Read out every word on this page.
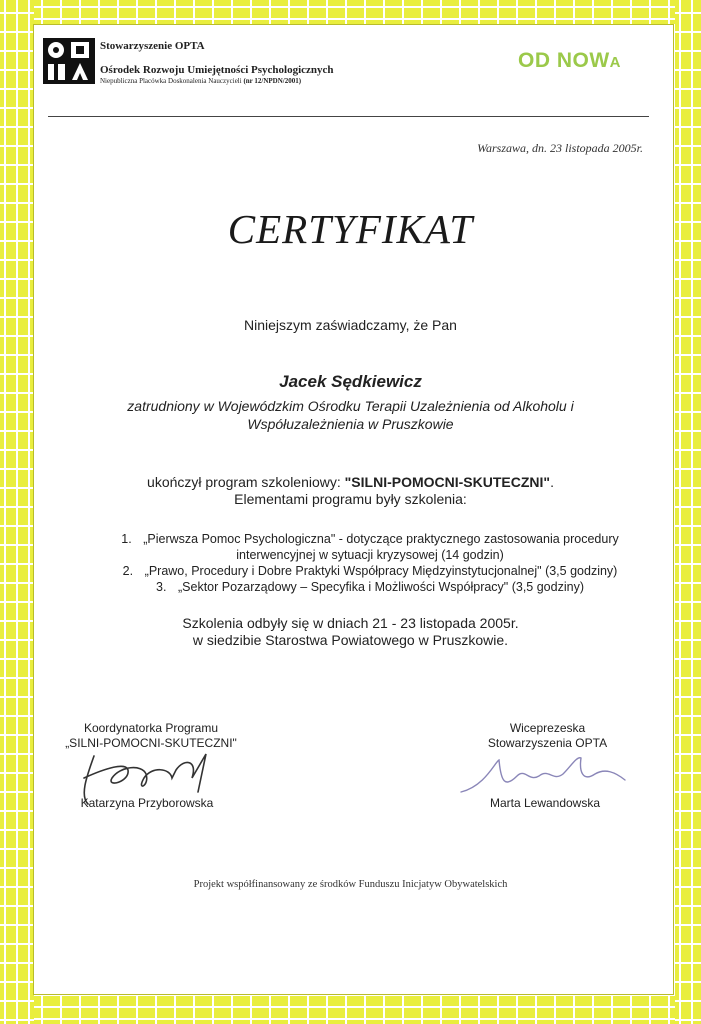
Stowarzyszenie OPTA
Ośrodek Rozwoju Umiejętności Psychologicznych
Niepubliczna Placówka Doskonalenia Nauczycieli (nr 12/NPDN/2001)
OD NOWA
Warszawa, dn. 23 listopada 2005r.
CERTYFIKAT
Niniejszym zaświadczamy, że Pan
Jacek Sędkiewicz
zatrudniony w Wojewódzkim Ośrodku Terapii Uzależnienia od Alkoholu i
Współuzależnienia w Pruszkowie
ukończył program szkoleniowy: "SILNI-POMOCNI-SKUTECZNI".
Elementami programu były szkolenia:
1. „Pierwsza Pomoc Psychologiczna" - dotyczące praktycznego zastosowania procedury
interwencyjnej w sytuacji kryzysowej (14 godzin)
2. „Prawo, Procedury i Dobre Praktyki Współpracy Międzyinstytucjonalnej" (3,5 godziny)
3. „Sektor Pozarządowy – Specyfika i Możliwości Współpracy" (3,5 godziny)
Szkolenia odbyły się w dniach 21 - 23 listopada 2005r.
w siedzibie Starostwa Powiatowego w Pruszkowie.
Koordynatorka Programu
„SILNI-POMOCNI-SKUTECZNI"
Katarzyna Przyborowska
Wiceprezeska
Stowarzyszenia OPTA
Marta Lewandowska
Projekt współfinansowany ze środków Funduszu Inicjatyw Obywatelskich
